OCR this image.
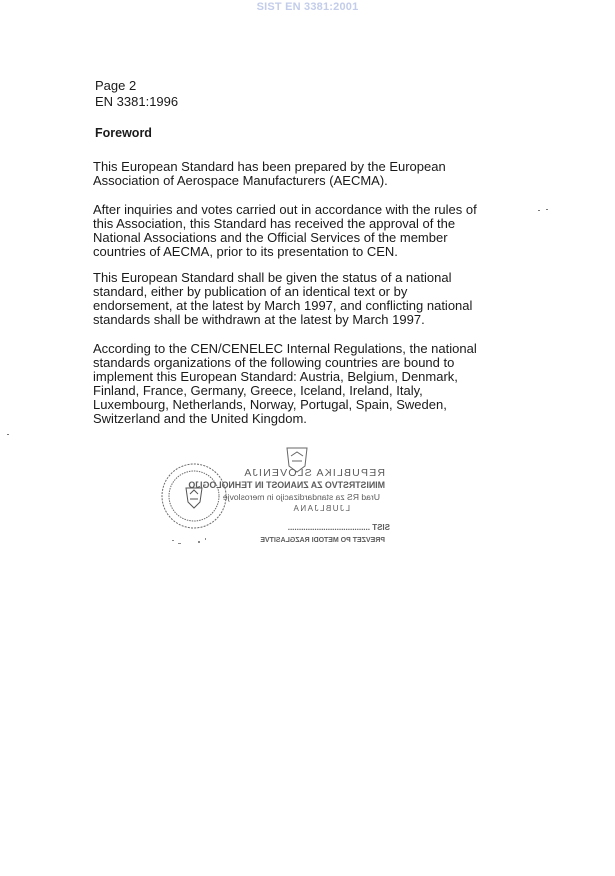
SIST EN 3381:2001
Page 2
EN 3381:1996
Foreword
This European Standard has been prepared by the European
Association of Aerospace Manufacturers (AECMA).
After inquiries and votes carried out in accordance with the rules of
this Association, this Standard has received the approval of the
National Associations and the Official Services of the member
countries of AECMA, prior to its presentation to CEN.
This European Standard shall be given the status of a national
standard, either by publication of an identical text or by
endorsement, at the latest by March 1997, and conflicting national
standards shall be withdrawn at the latest by March 1997.
According to the CEN/CENELEC Internal Regulations, the national
standards organizations of the following countries are bound to
implement this European Standard: Austria, Belgium, Denmark,
Finland, France, Germany, Greece, Iceland, Ireland, Italy,
Luxembourg, Netherlands, Norway, Portugal, Spain, Sweden,
Switzerland and the United Kingdom.
REPUBLIKA SLOVENIJA
MINISTRSTVO ZA ZNANOST IN TEHNOLOGIJO
Urad RS za standardizacijo in meroslovje
LJUBLJANA
SIST .....................................
PREVZET PO METODI RAZGLASITVE
